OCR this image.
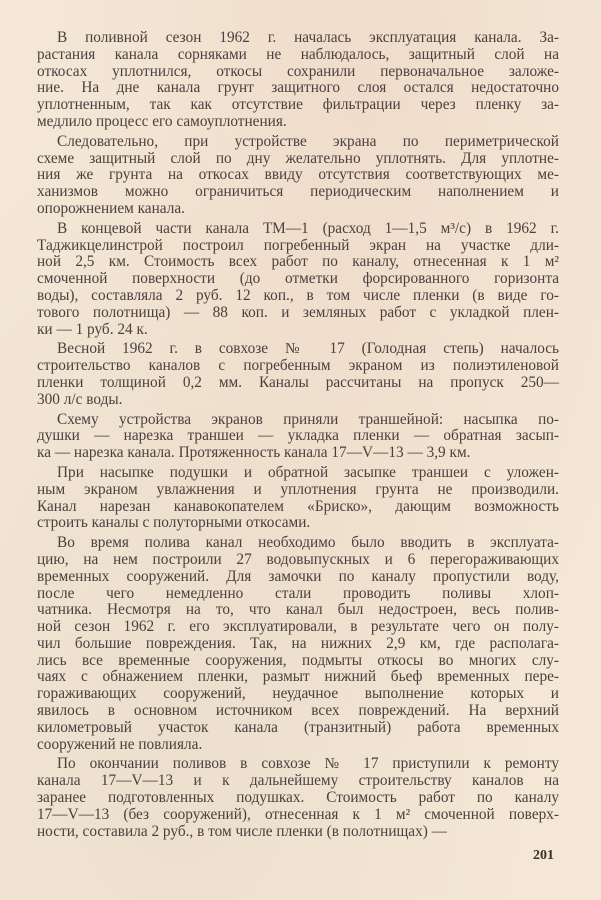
В поливной сезон 1962 г. началась эксплуатация канала. За-
растания канала сорняками не наблюдалось, защитный слой на
откосах уплотнился, откосы сохранили первоначальное заложе-
ние. На дне канала грунт защитного слоя остался недостаточно
уплотненным, так как отсутствие фильтрации через пленку за-
медлило процесс его самоуплотнения.
Следовательно, при устройстве экрана по периметрической
схеме защитный слой по дну желательно уплотнять. Для уплотне-
ния же грунта на откосах ввиду отсутствия соответствующих ме-
ханизмов можно ограничиться периодическим наполнением и
опорожнением канала.
В концевой части канала ТМ—1 (расход 1—1,5 м³/с) в 1962 г.
Таджикцелинстрой построил погребенный экран на участке дли-
ной 2,5 км. Стоимость всех работ по каналу, отнесенная к 1 м²
смоченной поверхности (до отметки форсированного горизонта
воды), составляла 2 руб. 12 коп., в том числе пленки (в виде го-
тового полотнища) — 88 коп. и земляных работ с укладкой плен-
ки — 1 руб. 24 к.
Весной 1962 г. в совхозе № 17 (Голодная степь) началось
строительство каналов с погребенным экраном из полиэтиленовой
пленки толщиной 0,2 мм. Каналы рассчитаны на пропуск 250—
300 л/с воды.
Схему устройства экранов приняли траншейной: насыпка по-
душки — нарезка траншеи — укладка пленки — обратная засып-
ка — нарезка канала. Протяженность канала 17—V—13 — 3,9 км.
При насыпке подушки и обратной засыпке траншеи с уложен-
ным экраном увлажнения и уплотнения грунта не производили.
Канал нарезан канавокопателем «Бриско», дающим возможность
строить каналы с полуторными откосами.
Во время полива канал необходимо было вводить в эксплуата-
цию, на нем построили 27 водовыпускных и 6 перегораживающих
временных сооружений. Для замочки по каналу пропустили воду,
после чего немедленно стали проводить поливы хлоп-
чатника. Несмотря на то, что канал был недостроен, весь полив-
ной сезон 1962 г. его эксплуатировали, в результате чего он полу-
чил большие повреждения. Так, на нижних 2,9 км, где располага-
лись все временные сооружения, подмыты откосы во многих слу-
чаях с обнажением пленки, размыт нижний бьеф временных пере-
гораживающих сооружений, неудачное выполнение которых и
явилось в основном источником всех повреждений. На верхний
километровый участок канала (транзитный) работа временных
сооружений не повлияла.
По окончании поливов в совхозе № 17 приступили к ремонту
канала 17—V—13 и к дальнейшему строительству каналов на
заранее подготовленных подушках. Стоимость работ по каналу
17—V—13 (без сооружений), отнесенная к 1 м² смоченной поверх-
ности, составила 2 руб., в том числе пленки (в полотнищах) —
201
